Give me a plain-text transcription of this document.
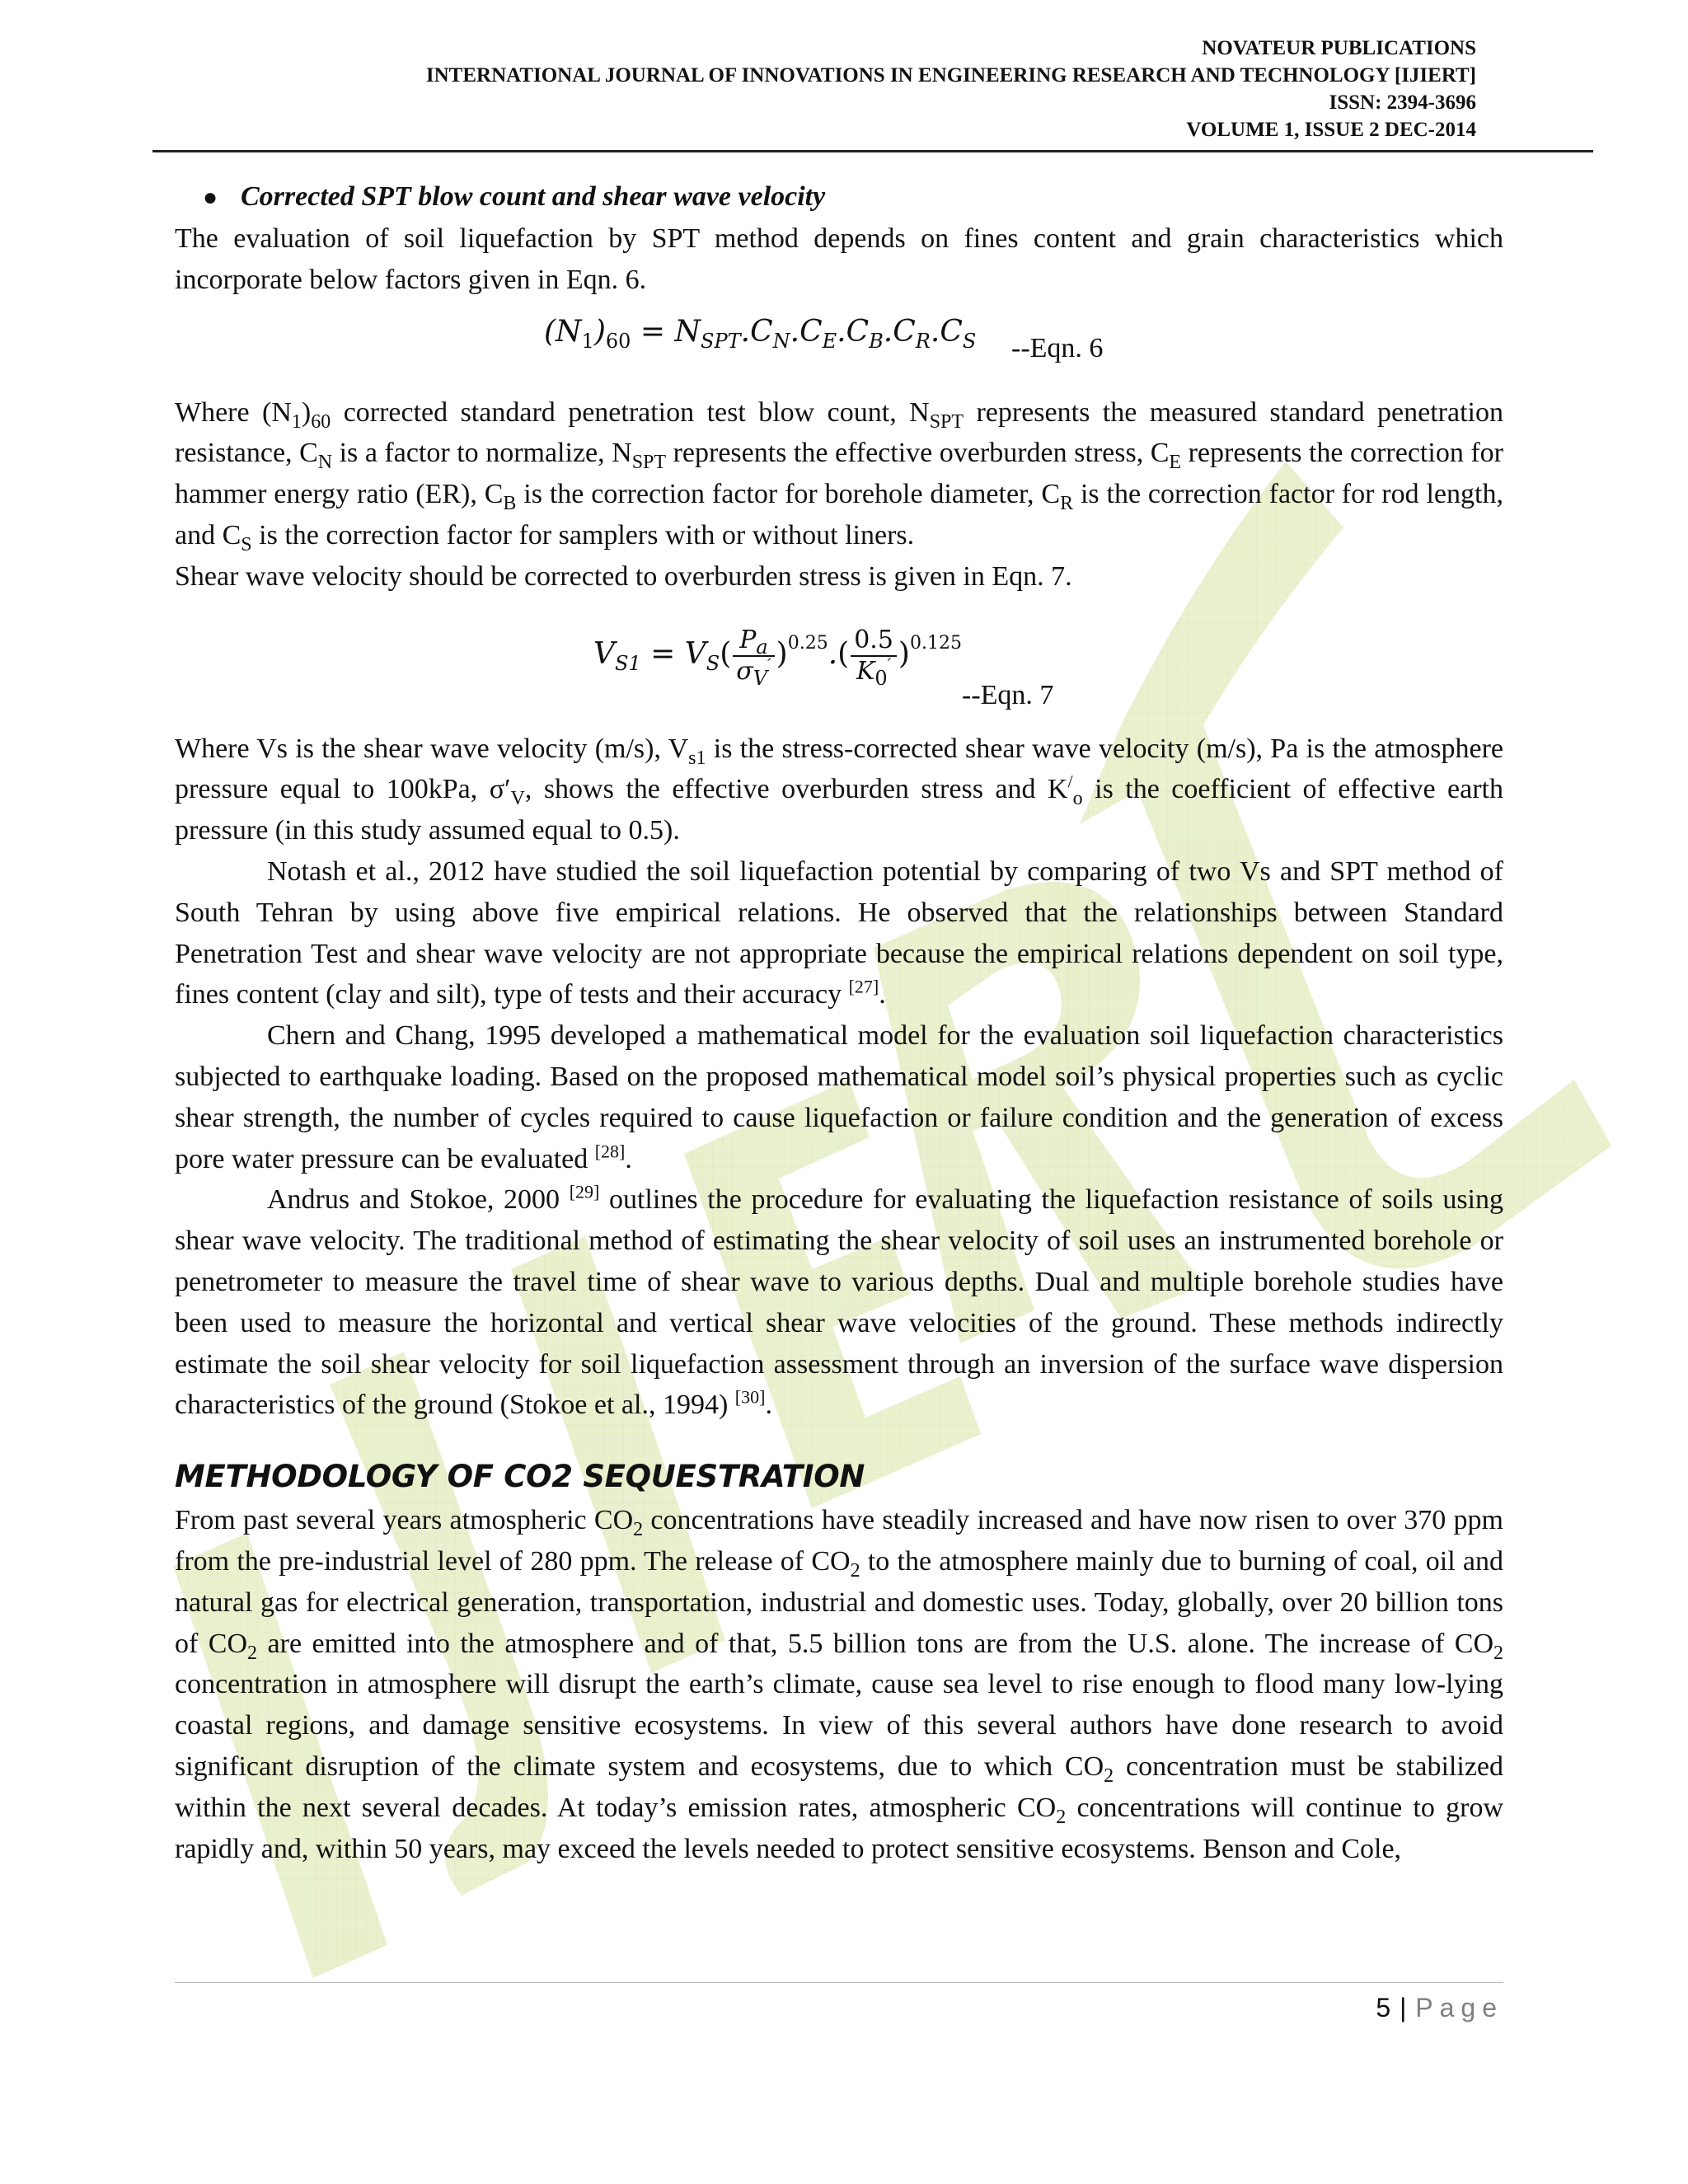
NOVATEUR PUBLICATIONS
INTERNATIONAL JOURNAL OF INNOVATIONS IN ENGINEERING RESEARCH AND TECHNOLOGY [IJIERT]
ISSN: 2394-3696
VOLUME 1, ISSUE 2 DEC-2014
● Corrected SPT blow count and shear wave velocity

The evaluation of soil liquefaction by SPT method depends on fines content and grain characteristics which incorporate below factors given in Eqn. 6.

$(N_1)_{60} = N_{SPT}.C_N.C_E.C_B.C_R.C_S$ --Eqn. 6

Where $(N_1)_{60}$ corrected standard penetration test blow count, $N_{SPT}$ represents the measured standard penetration resistance, $C_N$ is a factor to normalize, $N_{SPT}$ represents the effective overburden stress, $C_E$ represents the correction for hammer energy ratio (ER), $C_B$ is the correction factor for borehole diameter, $C_R$ is the correction factor for rod length, and $C_S$ is the correction factor for samplers with or without liners.

Shear wave velocity should be corrected to overburden stress is given in Eqn. 7.

$V_{S1} = V_S( \frac{P_a}{\sigma_V'} )^{0.25}.( \frac{0.5}{K_0'} )^{0.125}$
--Eqn. 7

Where Vs is the shear wave velocity (m/s), $V_{s1}$ is the stress-corrected shear wave velocity (m/s), Pa is the atmosphere pressure equal to 100kPa, $\sigma'_V$, shows the effective overburden stress and $K^/_o$ is the coefficient of effective earth pressure (in this study assumed equal to 0.5).

Notash et al., 2012 have studied the soil liquefaction potential by comparing of two Vs and SPT method of South Tehran by using above five empirical relations. He observed that the relationships between Standard Penetration Test and shear wave velocity are not appropriate because the empirical relations dependent on soil type, fines content (clay and silt), type of tests and their accuracy [27].

Chern and Chang, 1995 developed a mathematical model for the evaluation soil liquefaction characteristics subjected to earthquake loading. Based on the proposed mathematical model soil’s physical properties such as cyclic shear strength, the number of cycles required to cause liquefaction or failure condition and the generation of excess pore water pressure can be evaluated [28].

Andrus and Stokoe, 2000 [29] outlines the procedure for evaluating the liquefaction resistance of soils using shear wave velocity. The traditional method of estimating the shear velocity of soil uses an instrumented borehole or penetrometer to measure the travel time of shear wave to various depths. Dual and multiple borehole studies have been used to measure the horizontal and vertical shear wave velocities of the ground. These methods indirectly estimate the soil shear velocity for soil liquefaction assessment through an inversion of the surface wave dispersion characteristics of the ground (Stokoe et al., 1994) [30].

METHODOLOGY OF CO2 SEQUESTRATION

From past several years atmospheric $CO_2$ concentrations have steadily increased and have now risen to over 370 ppm from the pre-industrial level of 280 ppm. The release of $CO_2$ to the atmosphere mainly due to burning of coal, oil and natural gas for electrical generation, transportation, industrial and domestic uses. Today, globally, over 20 billion tons of $CO_2$ are emitted into the atmosphere and of that, 5.5 billion tons are from the U.S. alone. The increase of $CO_2$ concentration in atmosphere will disrupt the earth’s climate, cause sea level to rise enough to flood many low-lying coastal regions, and damage sensitive ecosystems. In view of this several authors have done research to avoid significant disruption of the climate system and ecosystems, due to which $CO_2$ concentration must be stabilized within the next several decades. At today’s emission rates, atmospheric $CO_2$ concentrations will continue to grow rapidly and, within 50 years, may exceed the levels needed to protect sensitive ecosystems. Benson and Cole,

5 | Page
